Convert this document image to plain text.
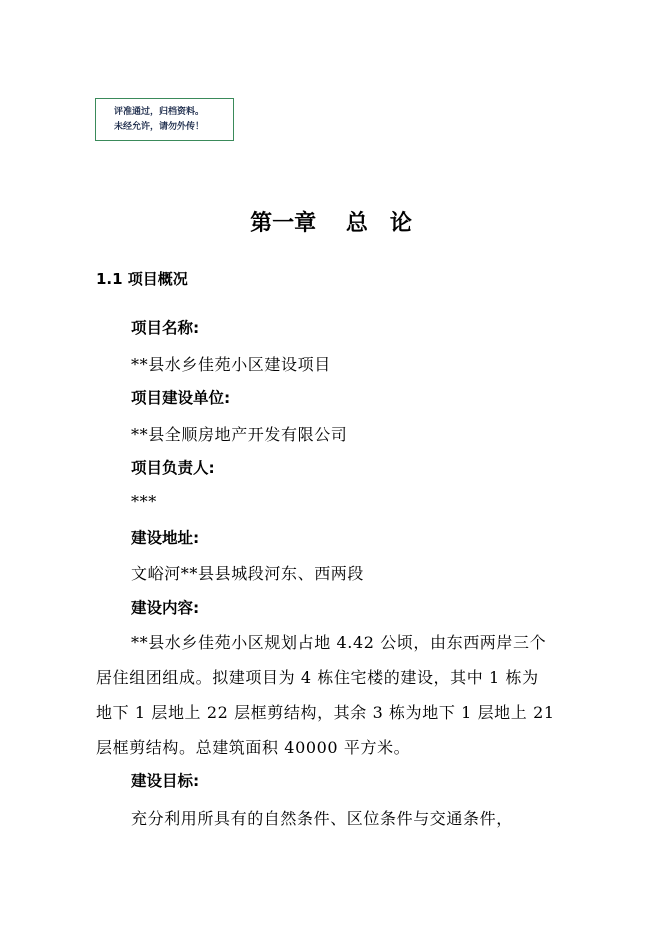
评准通过，归档资料。
未经允许，请勿外传！
第一章　 总　论
1.1 项目概况
项目名称:
**县水乡佳苑小区建设项目
项目建设单位:
**县全顺房地产开发有限公司
项目负责人:
***
建设地址:
文峪河**县县城段河东、西两段
建设内容:
**县水乡佳苑小区规划占地 4.42 公顷，由东西两岸三个
居住组团组成。拟建项目为 4 栋住宅楼的建设，其中 1 栋为
地下 1 层地上 22 层框剪结构，其余 3 栋为地下 1 层地上 21
层框剪结构。总建筑面积 40000 平方米。
建设目标:
充分利用所具有的自然条件、区位条件与交通条件，
